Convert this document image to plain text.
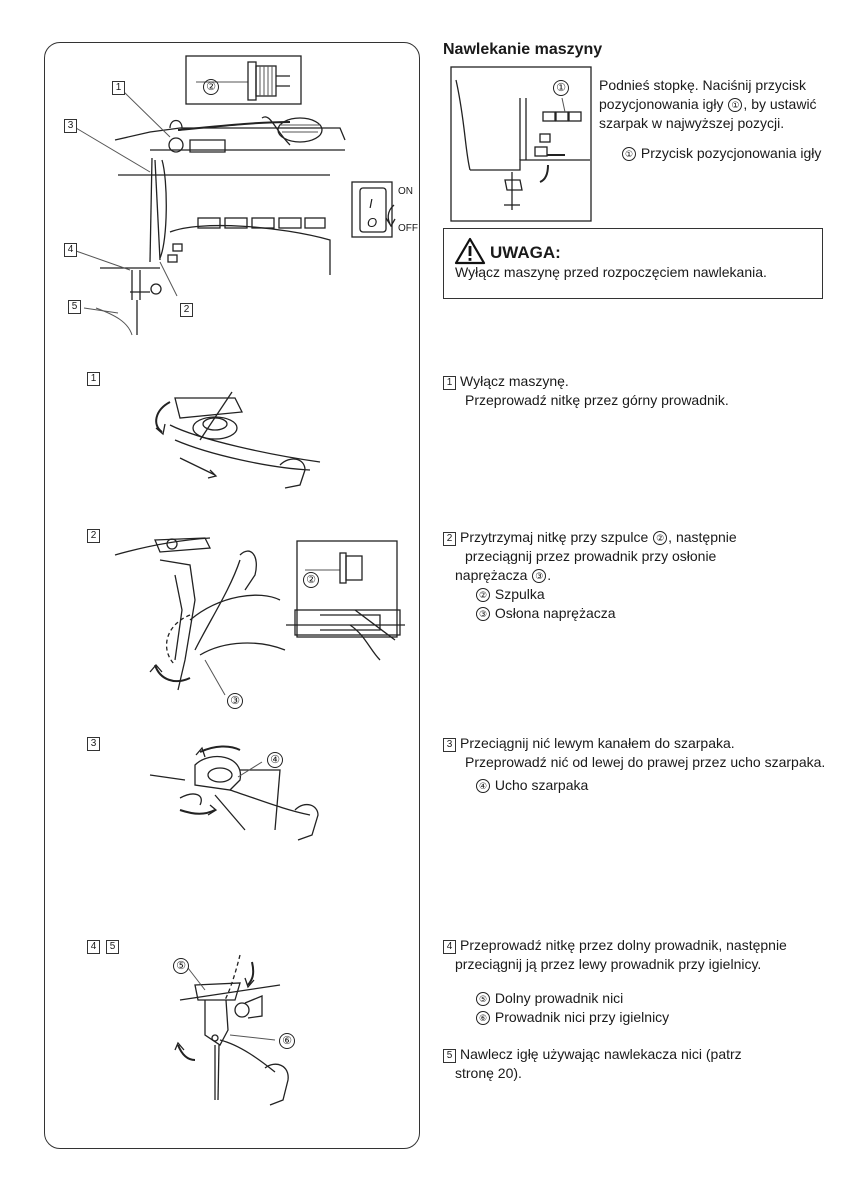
1
3
4
2
5
②
ON
OFF
I
O
1
2
②
③
3
④
4	5
⑤
⑥
Nawlekanie maszyny
① Podnieś stopkę. Naciśnij przycisk
pozycjonowania igły ① , by ustawić
szarpak w najwyższej pozycji.
① Przycisk pozycjonowania igły
UWAGA:
Wyłącz maszynę przed rozpoczęciem nawlekania.
1 Wyłącz maszynę.
Przeprowadź nitkę przez górny prowadnik.
2 Przytrzymaj nitkę przy szpulce ② , następnie
przeciągnij przez prowadnik przy osłonie
naprężacza ③ .
② Szpulka
③ Osłona naprężacza
3 Przeciągnij nić lewym kanałem do szarpaka.
Przeprowadź nić od lewej do prawej przez ucho szarpaka.
④ Ucho szarpaka
4 Przeprowadź nitkę przez dolny prowadnik, następnie
przeciągnij ją przez lewy prowadnik przy igielnicy.
⑤ Dolny prowadnik nici
⑥ Prowadnik nici przy igielnicy
5 Nawlecz igłę używając nawlekacza nici (patrz
stronę 20).
